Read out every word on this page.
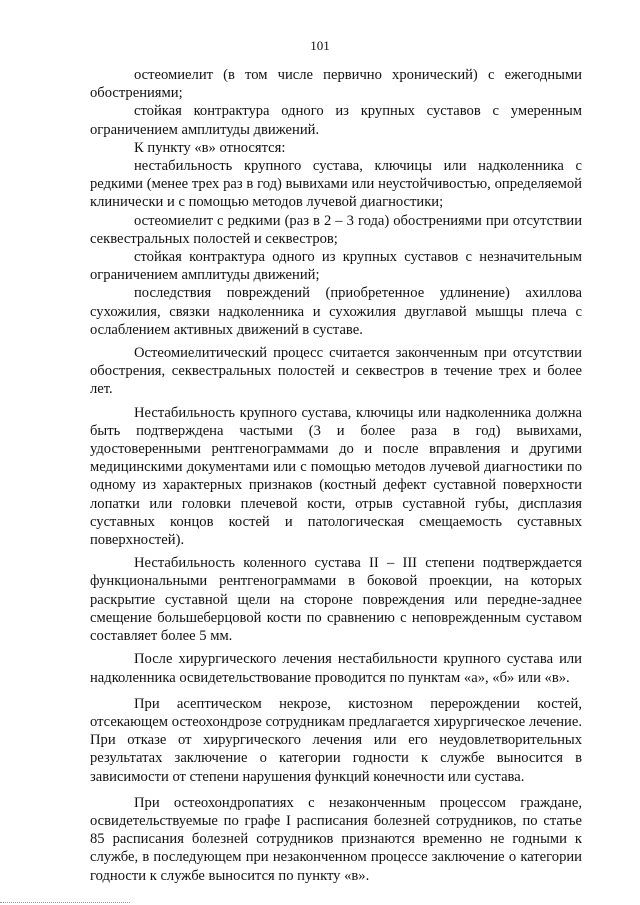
101

остеомиелит (в том числе первично хронический) с ежегодными обострениями;

стойкая контрактура одного из крупных суставов с умеренным ограничением амплитуды движений.

К пункту «в» относятся:

нестабильность крупного сустава, ключицы или надколенника с редкими (менее трех раз в год) вывихами или неустойчивостью, определяемой клинически и с помощью методов лучевой диагностики;

остеомиелит с редкими (раз в 2 – 3 года) обострениями при отсутствии секвестральных полостей и секвестров;

стойкая контрактура одного из крупных суставов с незначительным ограничением амплитуды движений;

последствия повреждений (приобретенное удлинение) ахиллова сухожилия, связки надколенника и сухожилия двуглавой мышцы плеча с ослаблением активных движений в суставе.

Остеомиелитический процесс считается законченным при отсутствии обострения, секвестральных полостей и секвестров в течение трех и более лет.

Нестабильность крупного сустава, ключицы или надколенника должна быть подтверждена частыми (3 и более раза в год) вывихами, удостоверенными рентгенограммами до и после вправления и другими медицинскими документами или с помощью методов лучевой диагностики по одному из характерных признаков (костный дефект суставной поверхности лопатки или головки плечевой кости, отрыв суставной губы, дисплазия суставных концов костей и патологическая смещаемость суставных поверхностей).

Нестабильность коленного сустава II – III степени подтверждается функциональными рентгенограммами в боковой проекции, на которых раскрытие суставной щели на стороне повреждения или передне-заднее смещение большеберцовой кости по сравнению с неповрежденным суставом составляет более 5 мм.

После хирургического лечения нестабильности крупного сустава или надколенника освидетельствование проводится по пунктам «а», «б» или «в».

При асептическом некрозе, кистозном перерождении костей, отсекающем остеохондрозе сотрудникам предлагается хирургическое лечение. При отказе от хирургического лечения или его неудовлетворительных результатах заключение о категории годности к службе выносится в зависимости от степени нарушения функций конечности или сустава.

При остеохондропатиях с незаконченным процессом граждане, освидетельствуемые по графе I расписания болезней сотрудников, по статье 85 расписания болезней сотрудников признаются временно не годными к службе, в последующем при незаконченном процессе заключение о категории годности к службе выносится по пункту «в».
